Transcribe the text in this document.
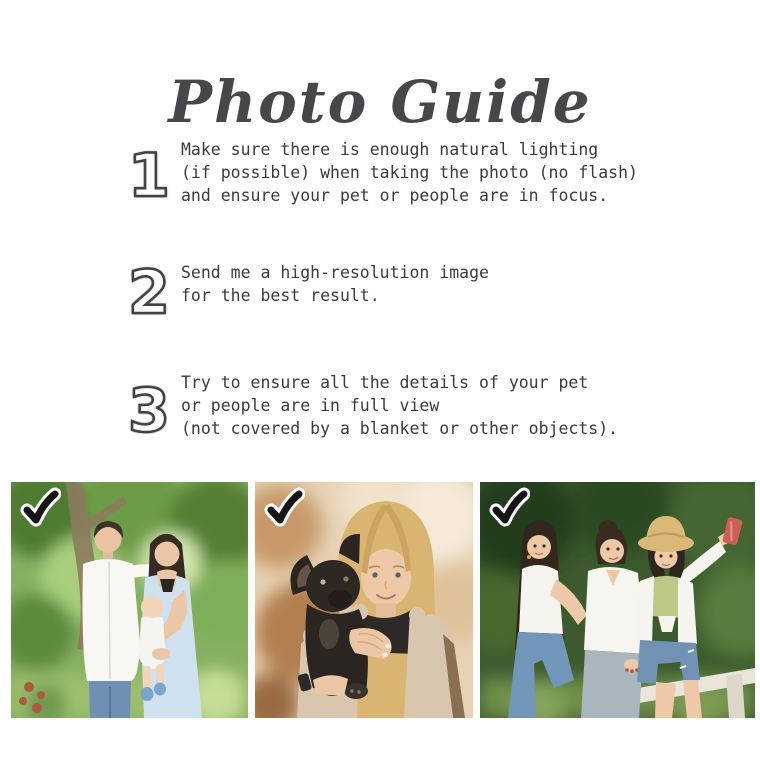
Photo Guide
1 Make sure there is enough natural lighting
(if possible) when taking the photo (no flash)
and ensure your pet or people are in focus.
2 Send me a high-resolution image
for the best result.
3 Try to ensure all the details of your pet
or people are in full view
(not covered by a blanket or other objects).
